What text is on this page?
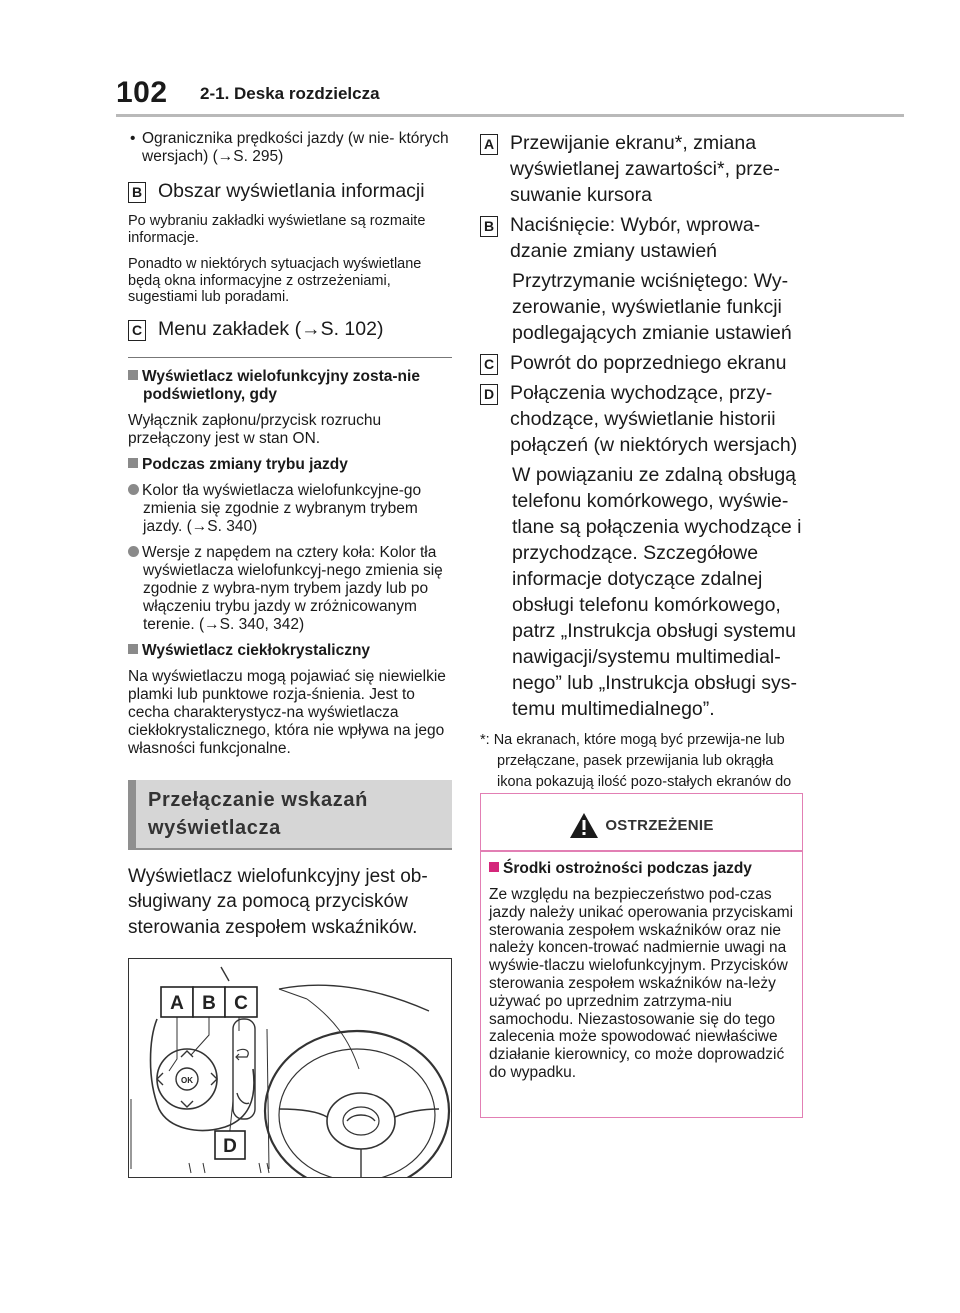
102 2-1. Deska rozdzielcza
• Ogranicznika prędkości jazdy (w nie- których wersjach) (→S. 295)
B Obszar wyświetlania informacji
Po wybraniu zakładki wyświetlane są rozmaite informacje.
Ponadto w niektórych sytuacjach wyświetlane będą okna informacyjne z ostrzeżeniami, sugestiami lub poradami.
C Menu zakładek (→S. 102)
Wyświetlacz wielofunkcyjny zosta-nie podświetlony, gdy
Wyłącznik zapłonu/przycisk rozruchu przełączony jest w stan ON.
Podczas zmiany trybu jazdy
Kolor tła wyświetlacza wielofunkcyjne-go zmienia się zgodnie z wybranym trybem jazdy. (→S. 340)
Wersje z napędem na cztery koła: Kolor tła wyświetlacza wielofunkcyj-nego zmienia się zgodnie z wybra-nym trybem jazdy lub po włączeniu trybu jazdy w zróżnicowanym terenie. (→S. 340, 342)
Wyświetlacz ciekłokrystaliczny
Na wyświetlaczu mogą pojawiać się niewielkie plamki lub punktowe rozja-śnienia. Jest to cecha charakterystycz-na wyświetlacza ciekłokrystalicznego, która nie wpływa na jego własności funkcjonalne.
Przełączanie wskazań wyświetlacza
Wyświetlacz wielofunkcyjny jest ob-sługiwany za pomocą przycisków sterowania zespołem wskaźników.
A B C
D
OK
A Przewijanie ekranu*, zmiana wyświetlanej zawartości*, prze-suwanie kursora
B Naciśnięcie: Wybór, wprowa-dzanie zmiany ustawień
Przytrzymanie wciśniętego: Wy-zerowanie, wyświetlanie funkcji podlegających zmianie ustawień
C Powrót do poprzedniego ekranu
D Połączenia wychodzące, przy-chodzące, wyświetlanie historii połączeń (w niektórych wersjach)
W powiązaniu ze zdalną obsługą telefonu komórkowego, wyświe-tlane są połączenia wychodzące i przychodzące. Szczegółowe informacje dotyczące zdalnej obsługi telefonu komórkowego, patrz „Instrukcja obsługi systemu nawigacji/systemu multimedial-nego” lub „Instrukcja obsługi sys-temu multimedialnego”.
*: Na ekranach, które mogą być przewija-ne lub przełączane, pasek przewijania lub okrągła ikona pokazują ilość pozo-stałych ekranów do
OSTRZEŻENIE
Środki ostrożności podczas jazdy
Ze względu na bezpieczeństwo pod-czas jazdy należy unikać operowania przyciskami sterowania zespołem wskaźników oraz nie należy koncen-trować nadmiernie uwagi na wyświe-tlaczu wielofunkcyjnym. Przycisków sterowania zespołem wskaźników na-leży używać po uprzednim zatrzyma-niu samochodu. Niezastosowanie się do tego zalecenia może spowodować niewłaściwe działanie kierownicy, co może doprowadzić do wypadku.
